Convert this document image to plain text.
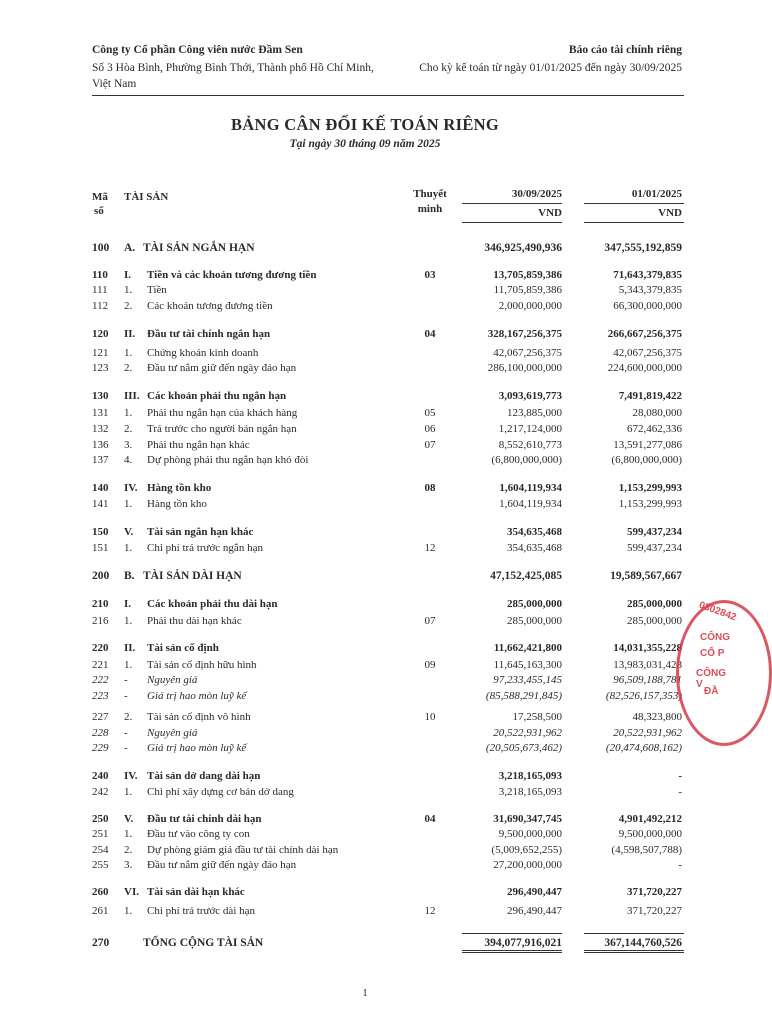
Công ty Cổ phần Công viên nước Đầm Sen	Báo cáo tài chính riêng
Số 3 Hòa Bình, Phường Bình Thới, Thành phố Hồ Chí Minh,	Cho kỳ kế toán từ ngày 01/01/2025 đến ngày 30/09/2025
Việt Nam
BẢNG CÂN ĐỐI KẾ TOÁN RIÊNG
Tại ngày 30 tháng 09 năm 2025
Mã
số
TÀI SẢN	Thuyết
minh
30/09/2025	01/01/2025
VND	VND
100 A. TÀI SẢN NGẮN HẠN	346,925,490,936	347,555,192,859
110 I. Tiền và các khoản tương đương tiền	03	13,705,859,386	71,643,379,835
111 1. Tiền	11,705,859,386	5,343,379,835
112 2. Các khoản tương đương tiền	2,000,000,000	66,300,000,000
120 II. Đầu tư tài chính ngắn hạn	04	328,167,256,375	266,667,256,375
121 1. Chứng khoán kinh doanh	42,067,256,375	42,067,256,375
123 2. Đầu tư nắm giữ đến ngày đáo hạn	286,100,000,000	224,600,000,000
130 III. Các khoản phải thu ngắn hạn	3,093,619,773	7,491,819,422
131 1. Phải thu ngắn hạn của khách hàng	05	123,885,000	28,080,000
132 2. Trả trước cho người bán ngắn hạn	06	1,217,124,000	672,462,336
136 3. Phải thu ngắn hạn khác	07	8,552,610,773	13,591,277,086
137 4. Dự phòng phải thu ngắn hạn khó đòi	(6,800,000,000)	(6,800,000,000)
140 IV. Hàng tồn kho	08	1,604,119,934	1,153,299,993
141 1. Hàng tồn kho	1,604,119,934	1,153,299,993
150 V. Tài sản ngắn hạn khác	354,635,468	599,437,234
151 1. Chi phí trả trước ngắn hạn	12	354,635,468	599,437,234
200 B. TÀI SẢN DÀI HẠN	47,152,425,085	19,589,567,667
210 I. Các khoản phải thu dài hạn	285,000,000	285,000,000
216 1. Phải thu dài hạn khác	07	285,000,000	285,000,000
220 II. Tài sản cố định	11,662,421,800	14,031,355,228
221 1. Tài sản cố định hữu hình	09	11,645,163,300	13,983,031,428
222 - Nguyên giá	97,233,455,145	96,509,188,781
223 - Giá trị hao mòn luỹ kế	(85,588,291,845)	(82,526,157,353)
227 2. Tài sản cố định vô hình	10	17,258,500	48,323,800
228 - Nguyên giá	20,522,931,962	20,522,931,962
229 - Giá trị hao mòn luỹ kế	(20,505,673,462)	(20,474,608,162)
240 IV. Tài sản dở dang dài hạn	3,218,165,093	-
242 1. Chi phí xây dựng cơ bản dở dang	3,218,165,093	-
250 V. Đầu tư tài chính dài hạn	04	31,690,347,745	4,901,492,212
251 1. Đầu tư vào công ty con	9,500,000,000	9,500,000,000
254 2. Dự phòng giảm giá đầu tư tài chính dài hạn	(5,009,652,255)	(4,598,507,788)
255 3. Đầu tư nắm giữ đến ngày đáo hạn	27,200,000,000	-
260 VI. Tài sản dài hạn khác	296,490,447	371,720,227
261 1. Chi phí trả trước dài hạn	12	296,490,447	371,720,227
270	TỔNG CỘNG TÀI SẢN	394,077,916,021	367,144,760,526
0302842
CÔNG
CỔ P
CÔNG V
ĐẦ
1
